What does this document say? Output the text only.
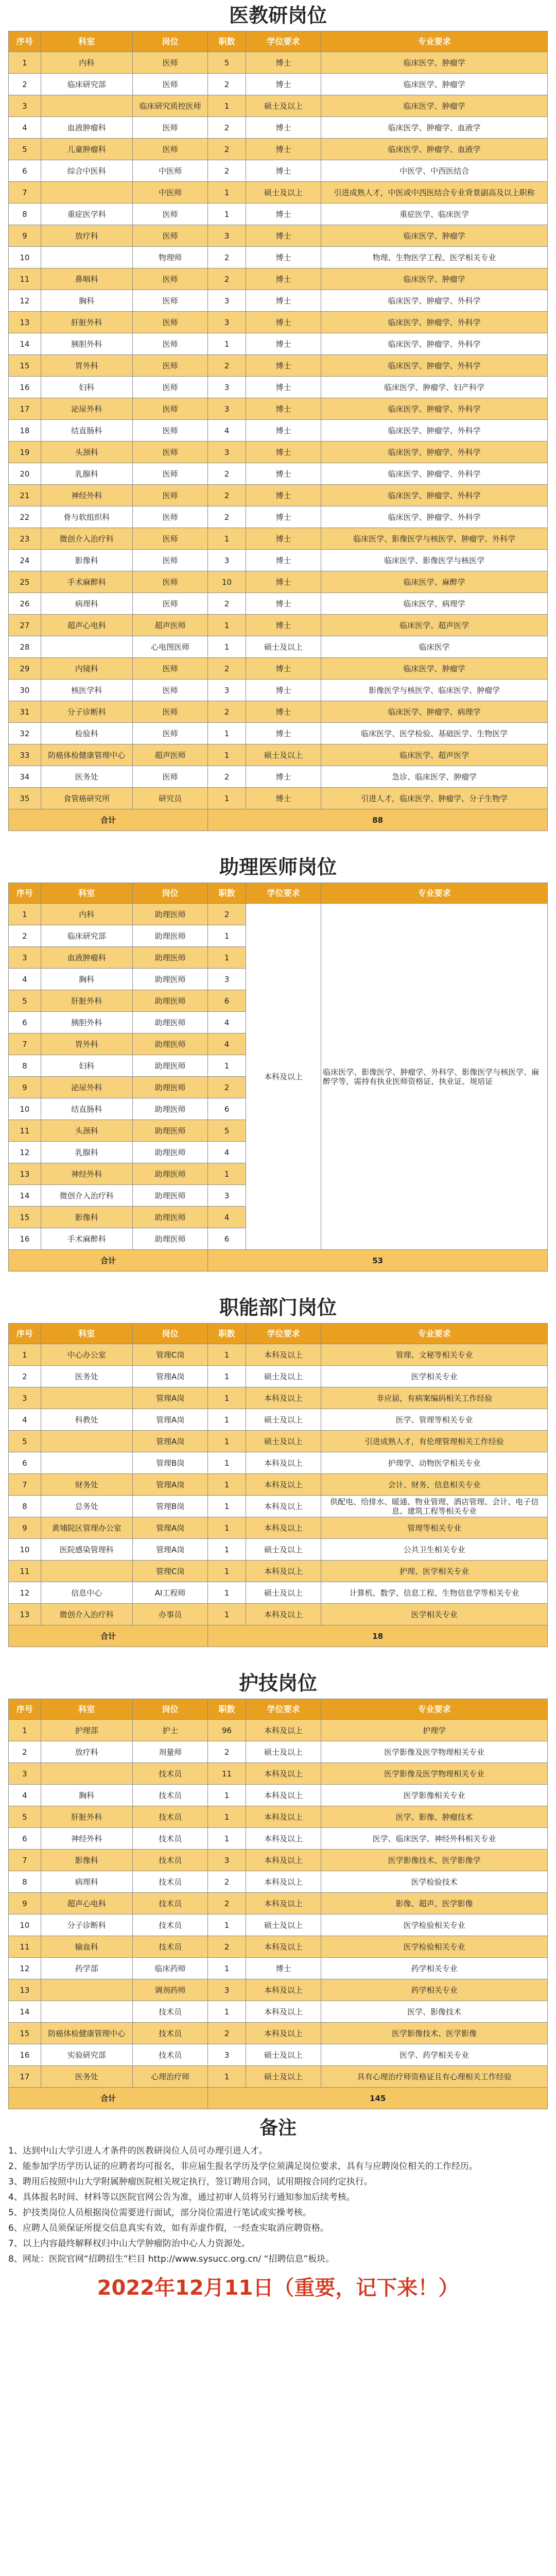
医教研岗位
序号	科室	岗位	职数	学位要求	专业要求
1	内科	医师	5	博士	临床医学、肿瘤学
2	临床研究部	医师	2	博士	临床医学、肿瘤学
3		临床研究质控医师	1	硕士及以上	临床医学、肿瘤学
4	血液肿瘤科	医师	2	博士	临床医学、肿瘤学、血液学
5	儿童肿瘤科	医师	2	博士	临床医学、肿瘤学、血液学
6	综合中医科	中医师	2	博士	中医学、中西医结合
7		中医师	1	硕士及以上	引进成熟人才，中医或中西医结合专业背景副高及以上职称
8	重症医学科	医师	1	博士	重症医学、临床医学
9	放疗科	医师	3	博士	临床医学、肿瘤学
10		物理师	2	博士	物理、生物医学工程、医学相关专业
11	鼻咽科	医师	2	博士	临床医学、肿瘤学
12	胸科	医师	3	博士	临床医学、肿瘤学、外科学
13	肝脏外科	医师	3	博士	临床医学、肿瘤学、外科学
14	胰胆外科	医师	1	博士	临床医学、肿瘤学、外科学
15	胃外科	医师	2	博士	临床医学、肿瘤学、外科学
16	妇科	医师	3	博士	临床医学、肿瘤学、妇产科学
17	泌尿外科	医师	3	博士	临床医学、肿瘤学、外科学
18	结直肠科	医师	4	博士	临床医学、肿瘤学、外科学
19	头颈科	医师	3	博士	临床医学、肿瘤学、外科学
20	乳腺科	医师	2	博士	临床医学、肿瘤学、外科学
21	神经外科	医师	2	博士	临床医学、肿瘤学、外科学
22	骨与软组织科	医师	2	博士	临床医学、肿瘤学、外科学
23	微创介入治疗科	医师	1	博士	临床医学、影像医学与核医学、肿瘤学、外科学
24	影像科	医师	3	博士	临床医学、影像医学与核医学
25	手术麻醉科	医师	10	博士	临床医学、麻醉学
26	病理科	医师	2	博士	临床医学、病理学
27	超声心电科	超声医师	1	博士	临床医学、超声医学
28		心电图医师	1	硕士及以上	临床医学
29	内镜科	医师	2	博士	临床医学、肿瘤学
30	核医学科	医师	3	博士	影像医学与核医学、临床医学、肿瘤学
31	分子诊断科	医师	2	博士	临床医学、肿瘤学、病理学
32	检验科	医师	1	博士	临床医学、医学检验、基础医学、生物医学
33	防癌体检健康管理中心	超声医师	1	硕士及以上	临床医学、超声医学
34	医务处	医师	2	博士	急诊、临床医学、肿瘤学
35	食管癌研究所	研究员	1	博士	引进人才，临床医学、肿瘤学、分子生物学
合计			88		
助理医师岗位
序号	科室	岗位	职数	学位要求	专业要求
1	内科	助理医师	2	本科及以上	临床医学、影像医学、肿瘤学、外科学、影像医学与核医学、麻醉学等，需持有执业医师资格证、执业证、规培证
2	临床研究部	助理医师	1		
3	血液肿瘤科	助理医师	1		
4	胸科	助理医师	3		
5	肝脏外科	助理医师	6		
6	胰胆外科	助理医师	4		
7	胃外科	助理医师	4		
8	妇科	助理医师	1		
9	泌尿外科	助理医师	2		
10	结直肠科	助理医师	6		
11	头颈科	助理医师	5		
12	乳腺科	助理医师	4		
13	神经外科	助理医师	1		
14	微创介入治疗科	助理医师	3		
15	影像科	助理医师	4		
16	手术麻醉科	助理医师	6		
合计			53		
职能部门岗位
序号	科室	岗位	职数	学位要求	专业要求
1	中心办公室	管理C岗	1	本科及以上	管理、文秘等相关专业
2	医务处	管理A岗	1	硕士及以上	医学相关专业
3		管理A岗	1	本科及以上	非应届，有病案编码相关工作经验
4	科教处	管理A岗	1	硕士及以上	医学、管理等相关专业
5		管理A岗	1	硕士及以上	引进成熟人才，有伦理管理相关工作经验
6		管理B岗	1	本科及以上	护理学、动物医学相关专业
7	财务处	管理A岗	1	本科及以上	会计、财务、信息相关专业
8	总务处	管理B岗	1	本科及以上	供配电、给排水、暖通、物业管理、酒店管理、会计、电子信息、建筑工程等相关专业
9	黄埔院区管理办公室	管理A岗	1	本科及以上	管理等相关专业
10	医院感染管理科	管理A岗	1	硕士及以上	公共卫生相关专业
11		管理C岗	1	本科及以上	护理、医学相关专业
12	信息中心	AI工程师	1	硕士及以上	计算机、数学、信息工程、生物信息学等相关专业
13	微创介入治疗科	办事员	1	本科及以上	医学相关专业
合计			18		
护技岗位
序号	科室	岗位	职数	学位要求	专业要求
1	护理部	护士	96	本科及以上	护理学
2	放疗科	剂量师	2	硕士及以上	医学影像及医学物理相关专业
3		技术员	11	本科及以上	医学影像及医学物理相关专业
4	胸科	技术员	1	本科及以上	医学影像相关专业
5	肝脏外科	技术员	1	本科及以上	医学、影像、肿瘤技术
6	神经外科	技术员	1	本科及以上	医学、临床医学、神经外科相关专业
7	影像科	技术员	3	本科及以上	医学影像技术、医学影像学
8	病理科	技术员	2	本科及以上	医学检验技术
9	超声心电科	技术员	2	本科及以上	影像、超声、医学影像
10	分子诊断科	技术员	1	硕士及以上	医学检验相关专业
11	输血科	技术员	2	本科及以上	医学检验相关专业
12	药学部	临床药师	1	博士	药学相关专业
13		调剂药师	3	本科及以上	药学相关专业
14		技术员	1	本科及以上	医学、影像技术
15	防癌体检健康管理中心	技术员	2	本科及以上	医学影像技术、医学影像
16	实验研究部	技术员	3	硕士及以上	医学、药学相关专业
17	医务处	心理治疗师	1	硕士及以上	具有心理治疗师资格证且有心理相关工作经验
合计			145		
备注

1、达到中山大学引进人才条件的医教研岗位人员可办理引进人才。

2、能参加学历学历认证的应聘者均可报名，非应届生报名学历及学位须满足岗位要求，具有与应聘岗位相关的工作经历。

3、聘用后按照中山大学附属肿瘤医院相关规定执行，签订聘用合同，试用期按合同约定执行。

4、具体报名时间、材料等以医院官网公告为准，通过初审人员将另行通知参加后续考核。

5、护技类岗位人员根据岗位需要进行面试，部分岗位需进行笔试或实操考核。

6、应聘人员须保证所提交信息真实有效，如有弄虚作假，一经查实取消应聘资格。

7、以上内容最终解释权归中山大学肿瘤防治中心人力资源处。

8、网址：医院官网“招聘招生”栏目 http://www.sysucc.org.cn/ “招聘信息”板块。

2022年12月11日（重要，记下来！）
